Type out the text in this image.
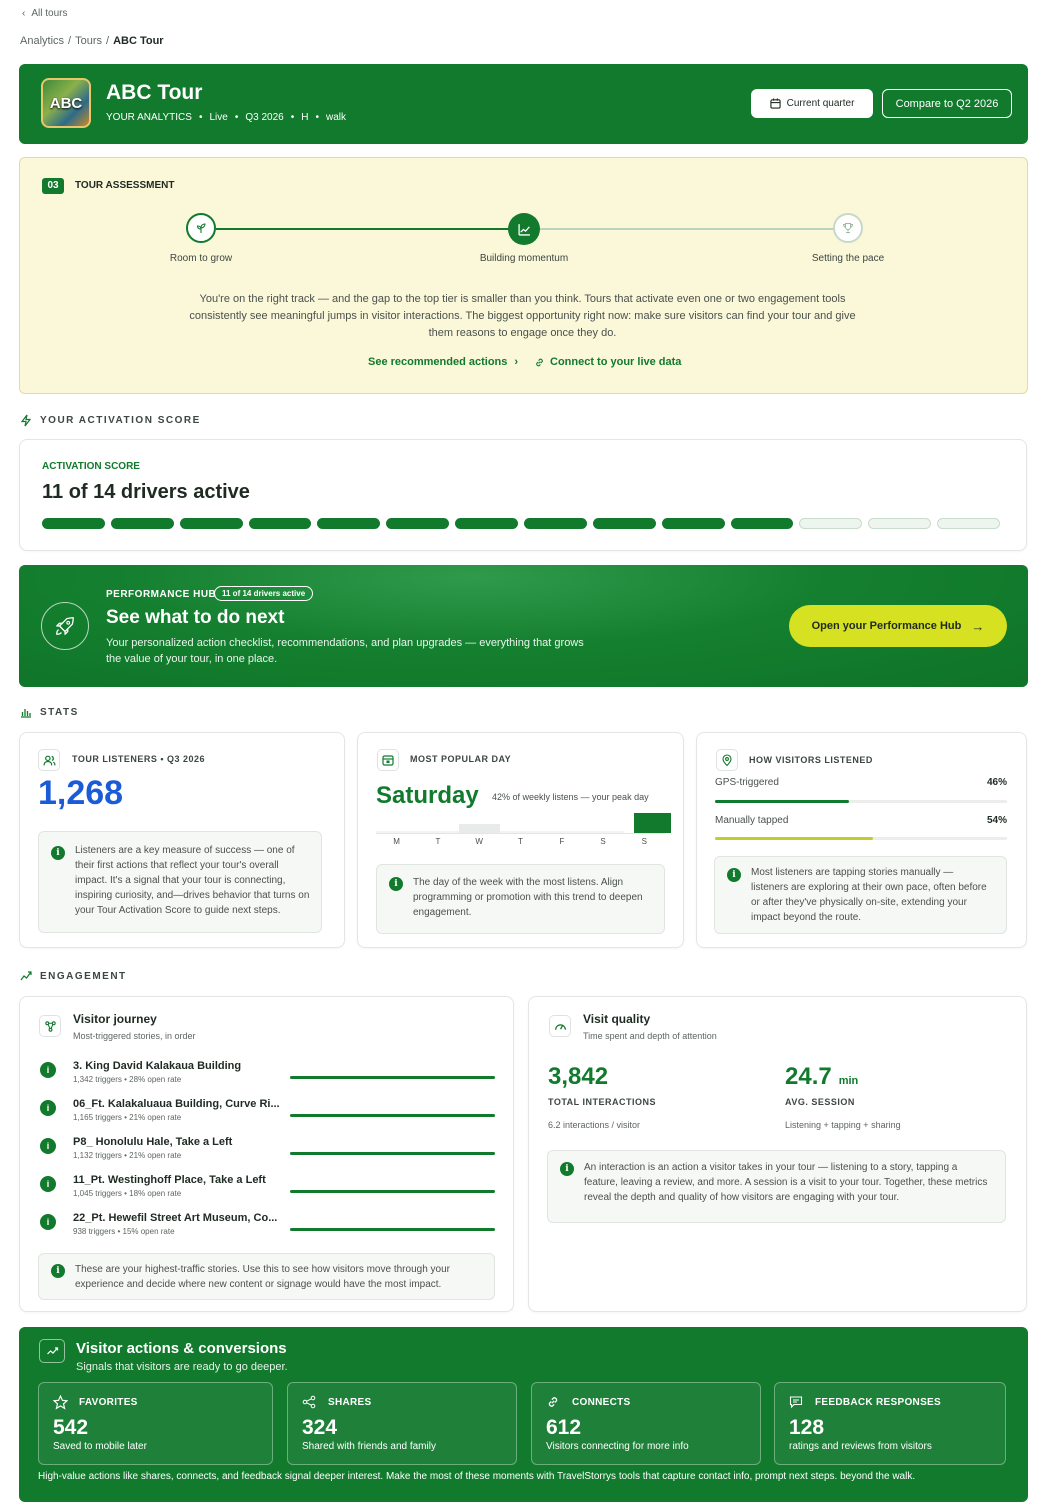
‹ All tours
Analytics / Tours / ABC Tour
ABC ABC Tour
YOUR ANALYTICS • Live • Q3 2026 • H • walk
Current quarter	Compare to Q2 2026
03	TOUR ASSESSMENT
Room to grow	Building momentum	Setting the pace
You're on the right track — and the gap to the top tier is smaller than you think. Tours that activate even one or two engagement tools consistently see meaningful jumps in visitor interactions. The biggest opportunity right now: make sure visitors can find your tour and give them reasons to engage once they do.
See recommended actions ›	Connect to your live data
YOUR ACTIVATION SCORE
ACTIVATION SCORE
11 of 14 drivers active
PERFORMANCE HUB 11 of 14 drivers active
See what to do next
Your personalized action checklist, recommendations, and plan upgrades — everything that grows the value of your tour, in one place.
Open your Performance Hub →
STATS
TOUR LISTENERS • Q3 2026
1,268
i	Listeners are a key measure of success — one of their first actions that reflect your tour's overall impact. It's a signal that your tour is connecting, inspiring curiosity, and—drives behavior that turns on your Tour Activation Score to guide next steps.
MOST POPULAR DAY
Saturday 42% of weekly listens — your peak day
M	T	W	T	F	S	S
i	The day of the week with the most listens. Align programming or promotion with this trend to deepen engagement.
HOW VISITORS LISTENED
GPS-triggered	46%
Manually tapped	54%
i	Most listeners are tapping stories manually — listeners are exploring at their own pace, often before or after they've physically on-site, extending your impact beyond the route.
ENGAGEMENT
Visitor journey
Most-triggered stories, in order
i	3. King David Kalakaua Building
1,342 triggers • 28% open rate
i	06_Ft. Kalakaluaua Building, Curve Ri...
1,165 triggers • 21% open rate
i	P8_ Honolulu Hale, Take a Left
1,132 triggers • 21% open rate
i	11_Pt. Westinghoff Place, Take a Left
1,045 triggers • 18% open rate
i	22_Pt. Hewefil Street Art Museum, Co...
938 triggers • 15% open rate
i	These are your highest-traffic stories. Use this to see how visitors move through your experience and decide where new content or signage would have the most impact.
Visit quality
Time spent and depth of attention
3,842
TOTAL INTERACTIONS
6.2 interactions / visitor
24.7 min
AVG. SESSION
Listening + tapping + sharing
i	An interaction is an action a visitor takes in your tour — listening to a story, tapping a feature, leaving a review, and more. A session is a visit to your tour. Together, these metrics reveal the depth and quality of how visitors are engaging with your tour.
Visitor actions & conversions
Signals that visitors are ready to go deeper.
FAVORITES
542
Saved to mobile later
SHARES
324
Shared with friends and family
CONNECTS
612
Visitors connecting for more info
FEEDBACK RESPONSES
128
ratings and reviews from visitors
High-value actions like shares, connects, and feedback signal deeper interest. Make the most of these moments with TravelStorrys tools that capture contact info, prompt next steps. beyond the walk.
